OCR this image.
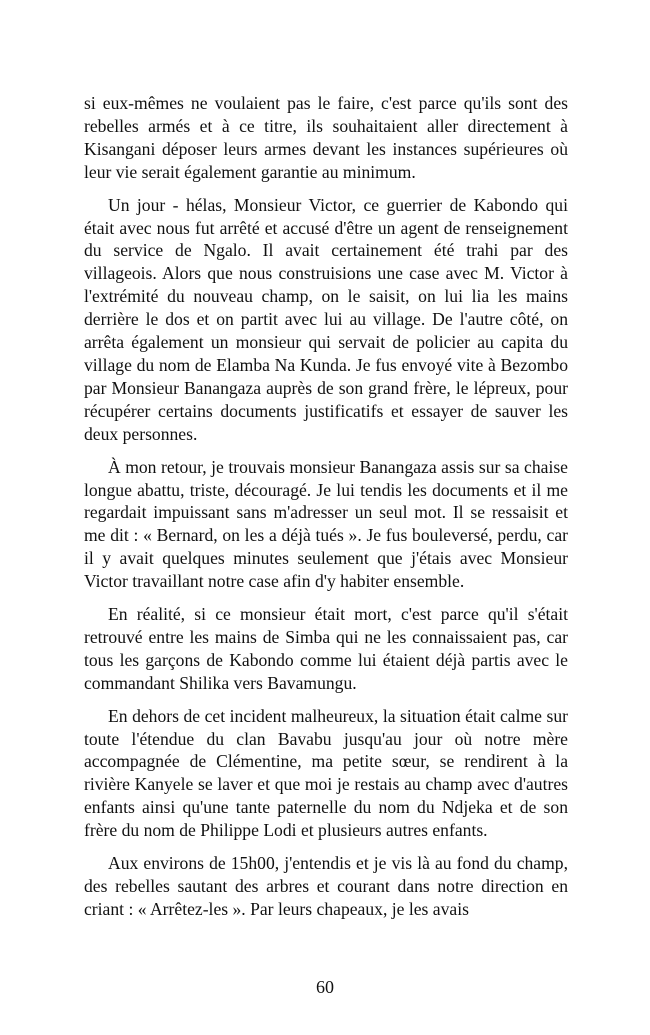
si eux-mêmes ne voulaient pas le faire, c'est parce qu'ils sont des rebelles armés et à ce titre, ils souhaitaient aller directement à Kisangani déposer leurs armes devant les instances supérieures où leur vie serait également garantie au minimum.

Un jour - hélas, Monsieur Victor, ce guerrier de Kabondo qui était avec nous fut arrêté et accusé d'être un agent de renseignement du service de Ngalo. Il avait certainement été trahi par des villageois. Alors que nous construisions une case avec M. Victor à l'extrémité du nouveau champ, on le saisit, on lui lia les mains derrière le dos et on partit avec lui au village. De l'autre côté, on arrêta également un monsieur qui servait de policier au capita du village du nom de Elamba Na Kunda. Je fus envoyé vite à Bezombo par Monsieur Banangaza auprès de son grand frère, le lépreux, pour récupérer certains documents justificatifs et essayer de sauver les deux personnes.

À mon retour, je trouvais monsieur Banangaza assis sur sa chaise longue abattu, triste, découragé. Je lui tendis les documents et il me regardait impuissant sans m'adresser un seul mot. Il se ressaisit et me dit : « Bernard, on les a déjà tués ». Je fus bouleversé, perdu, car il y avait quelques minutes seulement que j'étais avec Monsieur Victor travaillant notre case afin d'y habiter ensemble.

En réalité, si ce monsieur était mort, c'est parce qu'il s'était retrouvé entre les mains de Simba qui ne les connaissaient pas, car tous les garçons de Kabondo comme lui étaient déjà partis avec le commandant Shilika vers Bavamungu.

En dehors de cet incident malheureux, la situation était calme sur toute l'étendue du clan Bavabu jusqu'au jour où notre mère accompagnée de Clémentine, ma petite sœur, se rendirent à la rivière Kanyele se laver et que moi je restais au champ avec d'autres enfants ainsi qu'une tante paternelle du nom du Ndjeka et de son frère du nom de Philippe Lodi et plusieurs autres enfants.

Aux environs de 15h00, j'entendis et je vis là au fond du champ, des rebelles sautant des arbres et courant dans notre direction en criant : « Arrêtez-les ». Par leurs chapeaux, je les avais

60
